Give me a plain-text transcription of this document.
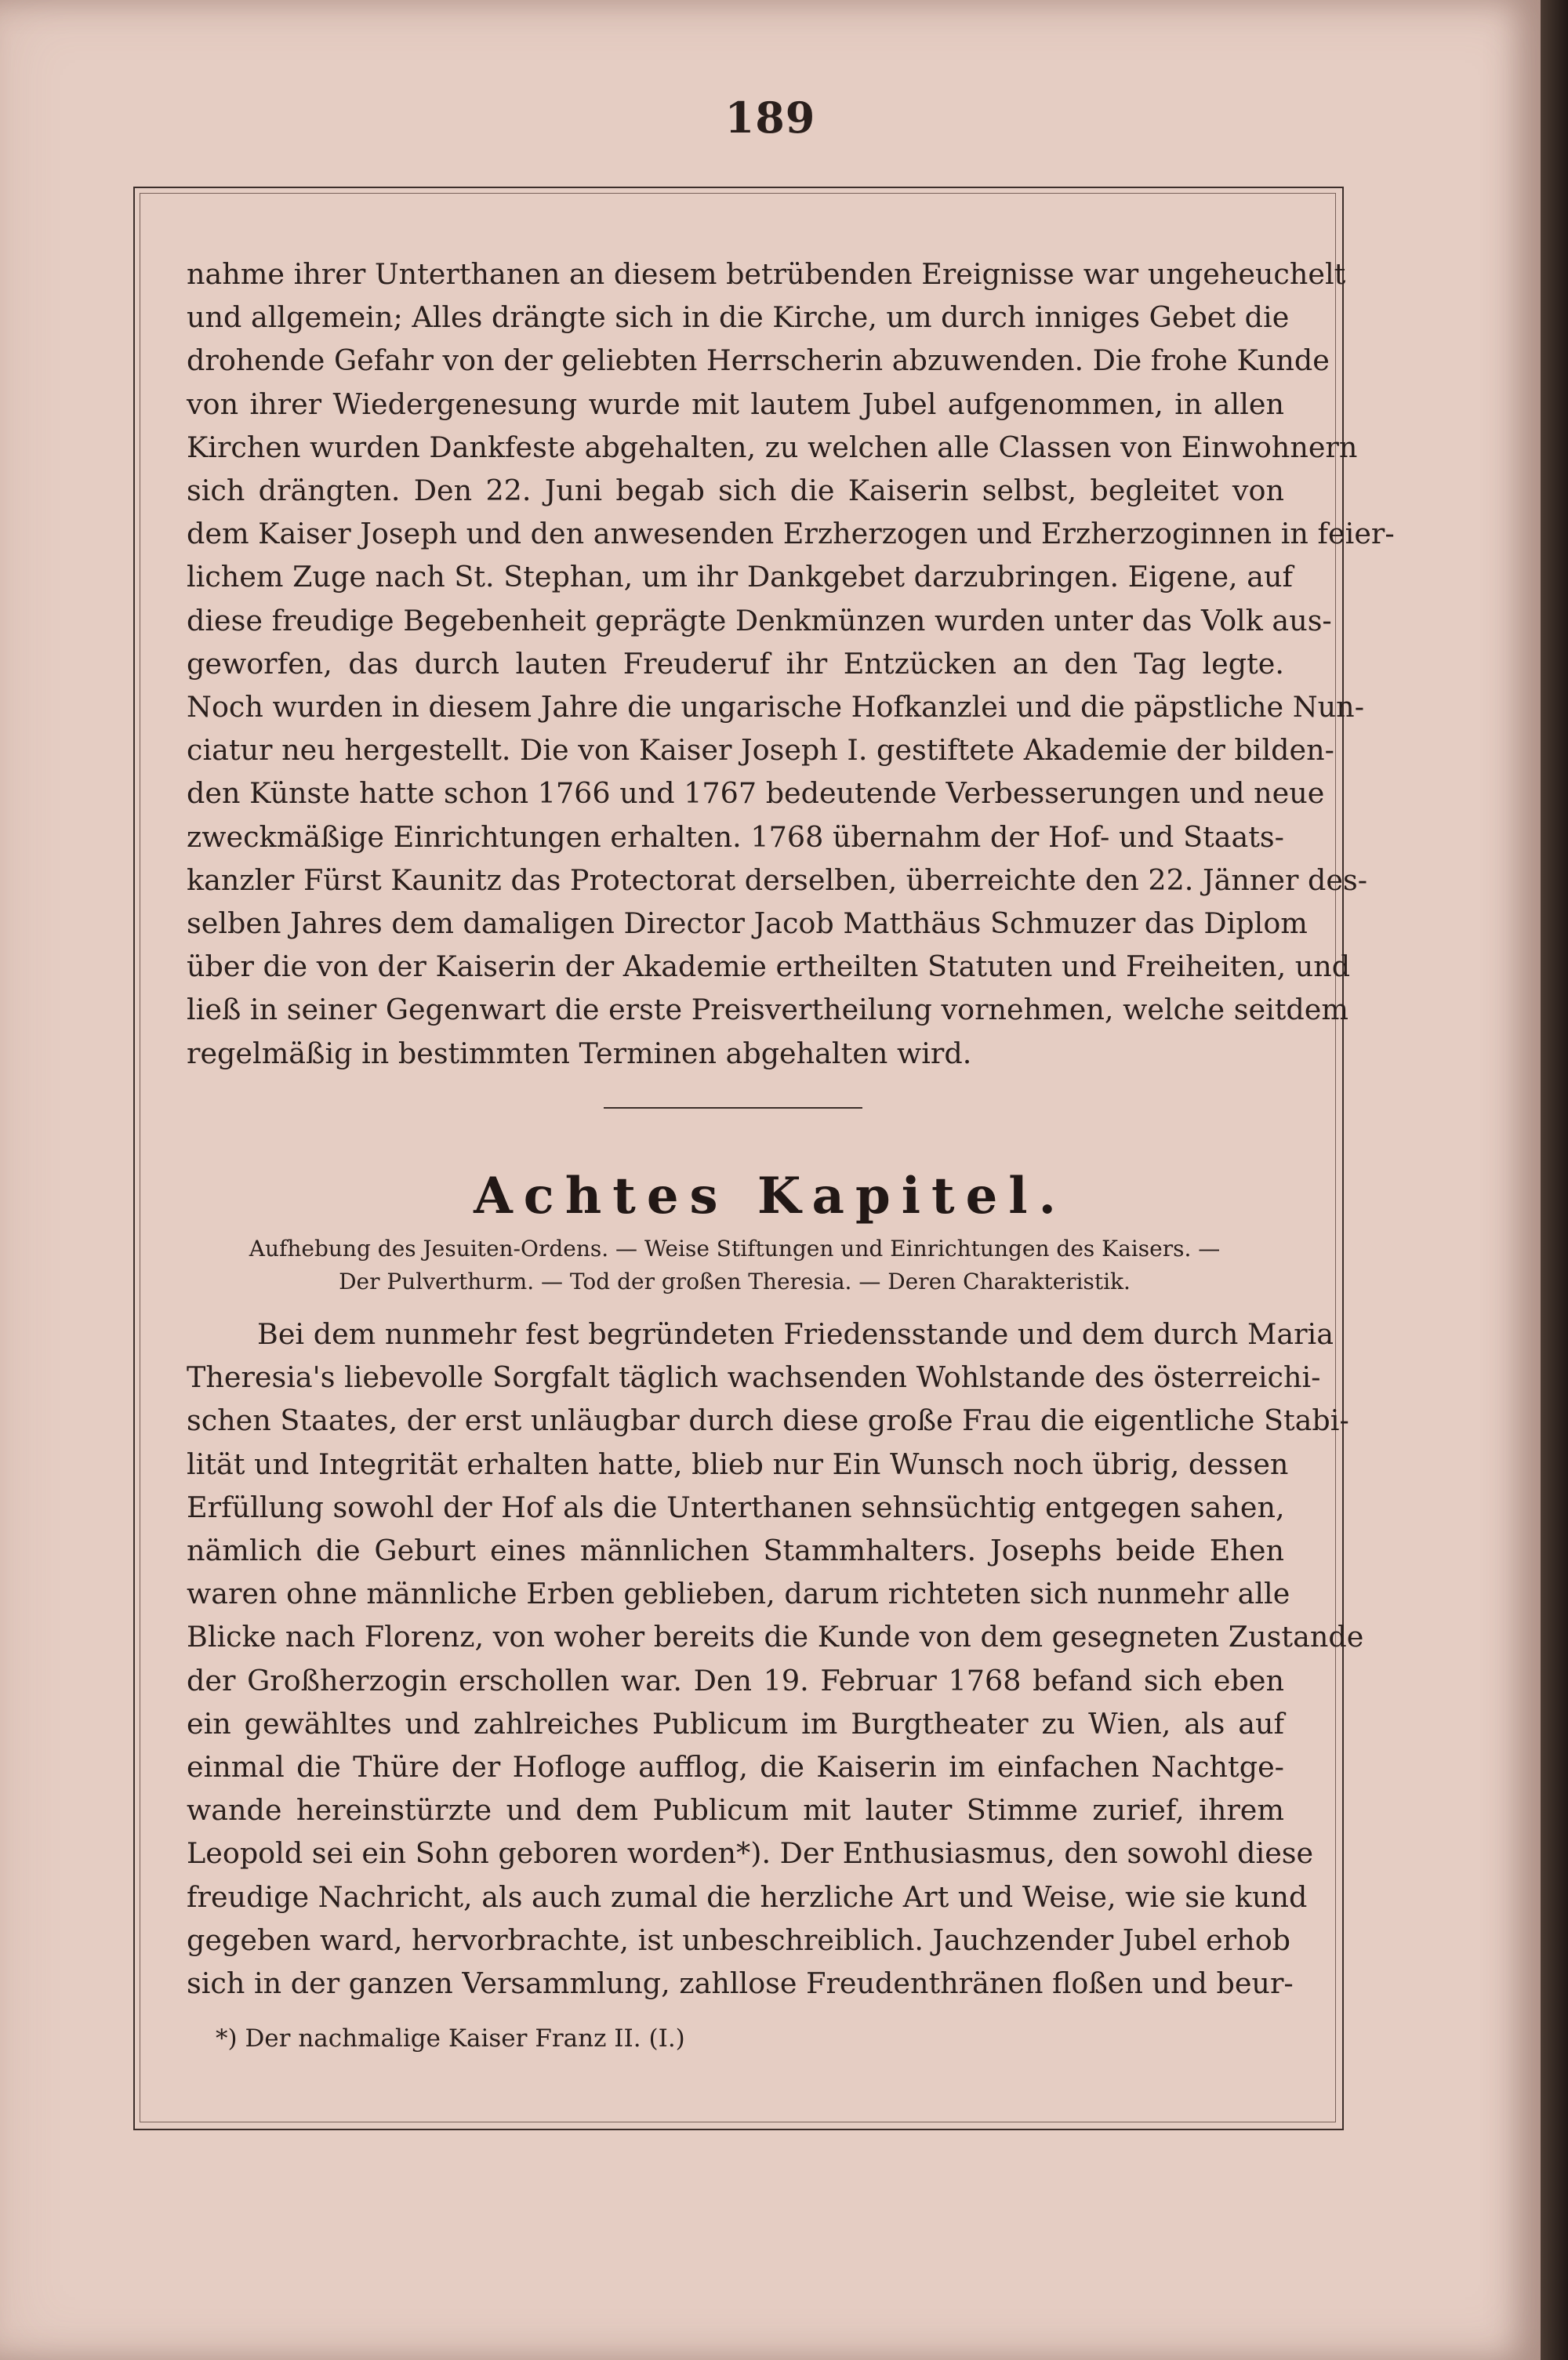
189
nahme ihrer Unterthanen an diesem betrübenden Ereignisse war ungeheuchelt
und allgemein; Alles drängte sich in die Kirche, um durch inniges Gebet die
drohende Gefahr von der geliebten Herrscherin abzuwenden. Die frohe Kunde
von ihrer Wiedergenesung wurde mit lautem Jubel aufgenommen, in allen
Kirchen wurden Dankfeste abgehalten, zu welchen alle Classen von Einwohnern
sich drängten. Den 22. Juni begab sich die Kaiserin selbst, begleitet von
dem Kaiser Joseph und den anwesenden Erzherzogen und Erzherzoginnen in feier-
lichem Zuge nach St. Stephan, um ihr Dankgebet darzubringen. Eigene, auf
diese freudige Begebenheit geprägte Denkmünzen wurden unter das Volk aus-
geworfen, das durch lauten Freuderuf ihr Entzücken an den Tag legte.
Noch wurden in diesem Jahre die ungarische Hofkanzlei und die päpstliche Nun-
ciatur neu hergestellt. Die von Kaiser Joseph I. gestiftete Akademie der bilden-
den Künste hatte schon 1766 und 1767 bedeutende Verbesserungen und neue
zweckmäßige Einrichtungen erhalten. 1768 übernahm der Hof- und Staats-
kanzler Fürst Kaunitz das Protectorat derselben, überreichte den 22. Jänner des-
selben Jahres dem damaligen Director Jacob Matthäus Schmuzer das Diplom
über die von der Kaiserin der Akademie ertheilten Statuten und Freiheiten, und
ließ in seiner Gegenwart die erste Preisvertheilung vornehmen, welche seitdem
regelmäßig in bestimmten Terminen abgehalten wird.
Achtes Kapitel.
Aufhebung des Jesuiten-Ordens. — Weise Stiftungen und Einrichtungen des Kaisers. —
Der Pulverthurm. — Tod der großen Theresia. — Deren Charakteristik.
Bei dem nunmehr fest begründeten Friedensstande und dem durch Maria
Theresia's liebevolle Sorgfalt täglich wachsenden Wohlstande des österreichi-
schen Staates, der erst unläugbar durch diese große Frau die eigentliche Stabi-
lität und Integrität erhalten hatte, blieb nur Ein Wunsch noch übrig, dessen
Erfüllung sowohl der Hof als die Unterthanen sehnsüchtig entgegen sahen,
nämlich die Geburt eines männlichen Stammhalters. Josephs beide Ehen
waren ohne männliche Erben geblieben, darum richteten sich nunmehr alle
Blicke nach Florenz, von woher bereits die Kunde von dem gesegneten Zustande
der Großherzogin erschollen war. Den 19. Februar 1768 befand sich eben
ein gewähltes und zahlreiches Publicum im Burgtheater zu Wien, als auf
einmal die Thüre der Hofloge aufflog, die Kaiserin im einfachen Nachtge-
wande hereinstürzte und dem Publicum mit lauter Stimme zurief, ihrem
Leopold sei ein Sohn geboren worden*). Der Enthusiasmus, den sowohl diese
freudige Nachricht, als auch zumal die herzliche Art und Weise, wie sie kund
gegeben ward, hervorbrachte, ist unbeschreiblich. Jauchzender Jubel erhob
sich in der ganzen Versammlung, zahllose Freudenthränen floßen und beur-
*) Der nachmalige Kaiser Franz II. (I.)
